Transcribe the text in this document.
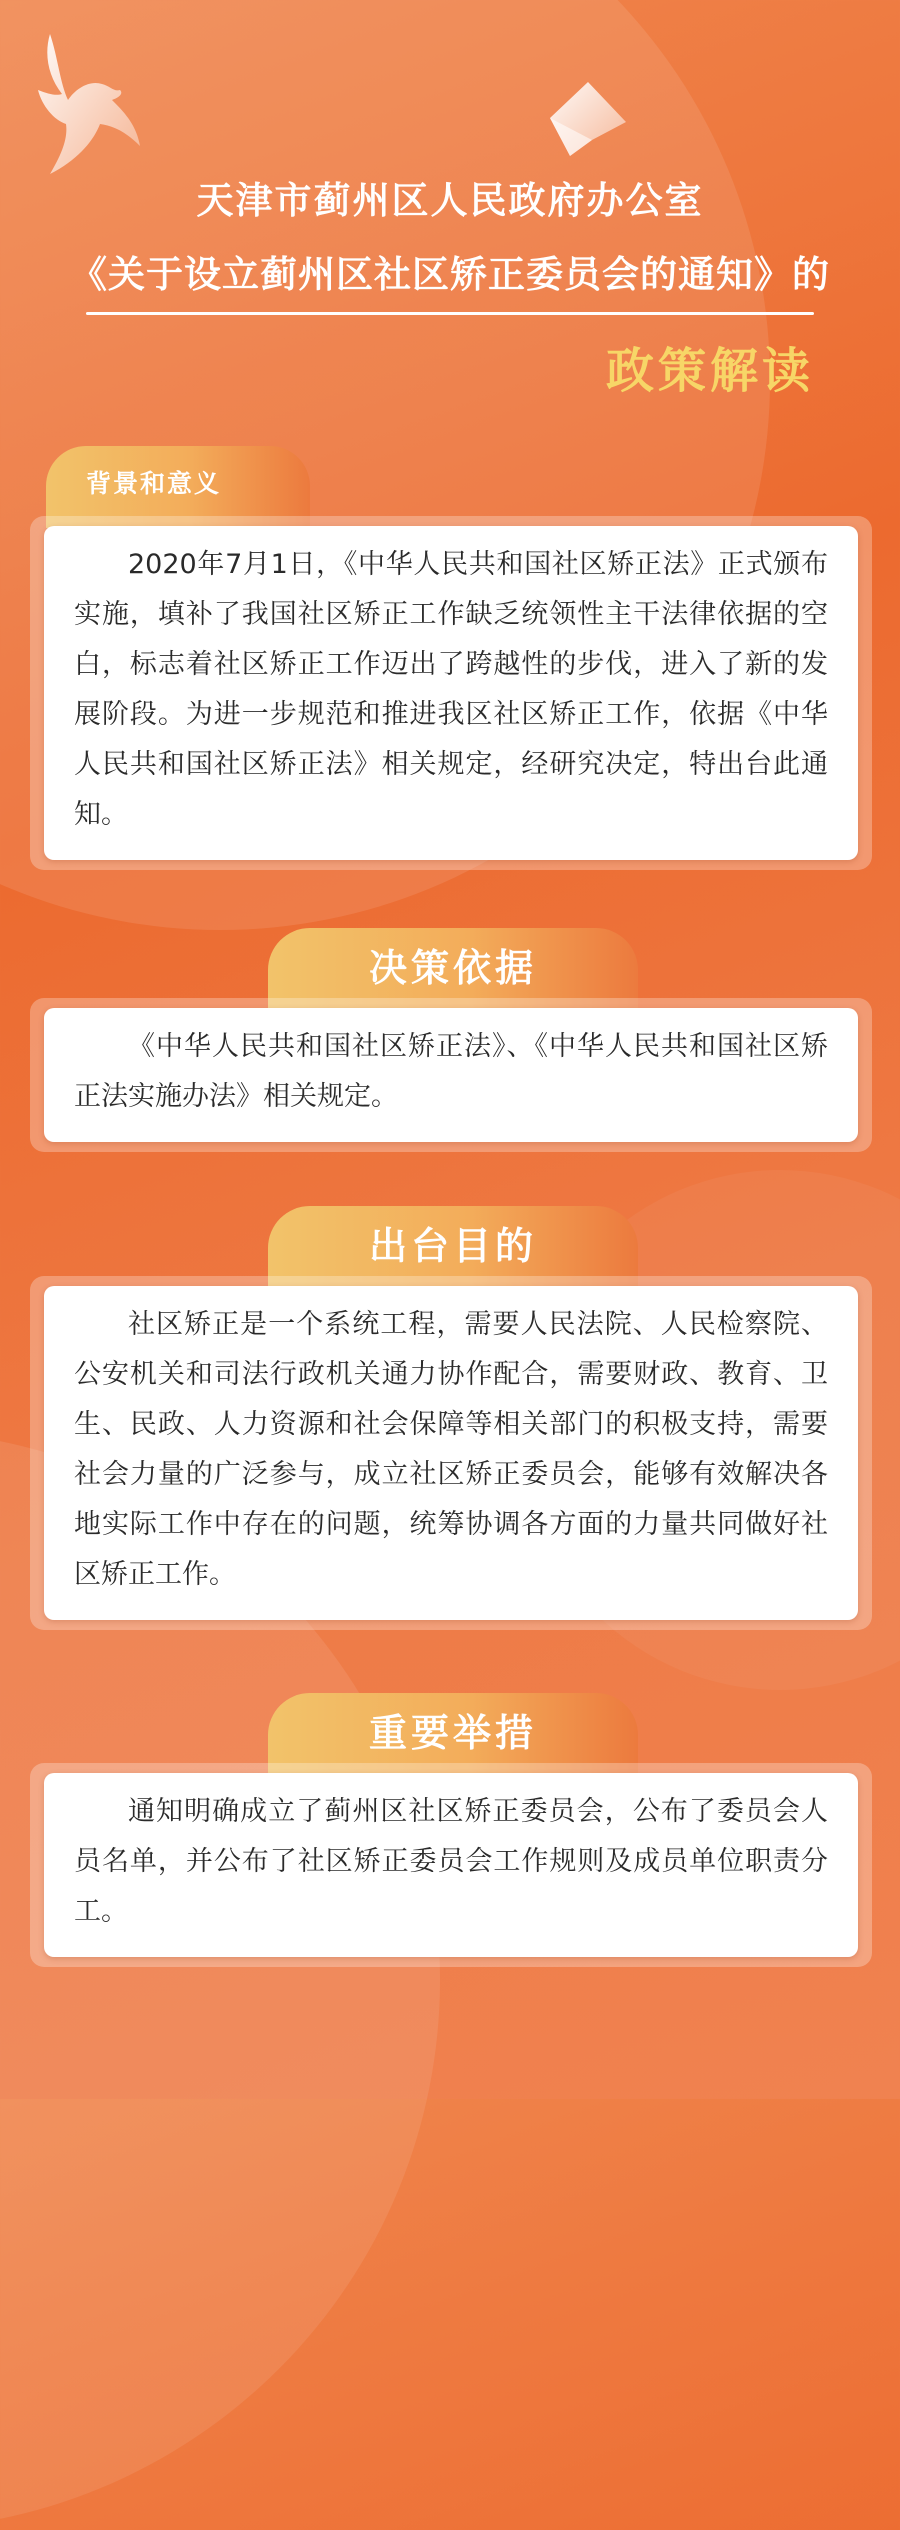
天津市蓟州区人民政府办公室
《关于设立蓟州区社区矫正委员会的通知》的
政策解读
背景和意义

2020年7月1日，《中华人民共和国社区矫正法》正式颁布实施，填补了我国社区矫正工作缺乏统领性主干法律依据的空白，标志着社区矫正工作迈出了跨越性的步伐，进入了新的发展阶段。为进一步规范和推进我区社区矫正工作，依据《中华人民共和国社区矫正法》相关规定，经研究决定，特出台此通知。

决策依据

《中华人民共和国社区矫正法》、《中华人民共和国社区矫正法实施办法》相关规定。

出台目的

社区矫正是一个系统工程，需要人民法院、人民检察院、公安机关和司法行政机关通力协作配合，需要财政、教育、卫生、民政、人力资源和社会保障等相关部门的积极支持，需要社会力量的广泛参与，成立社区矫正委员会，能够有效解决各地实际工作中存在的问题，统筹协调各方面的力量共同做好社区矫正工作。

重要举措

通知明确成立了蓟州区社区矫正委员会，公布了委员会人员名单，并公布了社区矫正委员会工作规则及成员单位职责分工。
